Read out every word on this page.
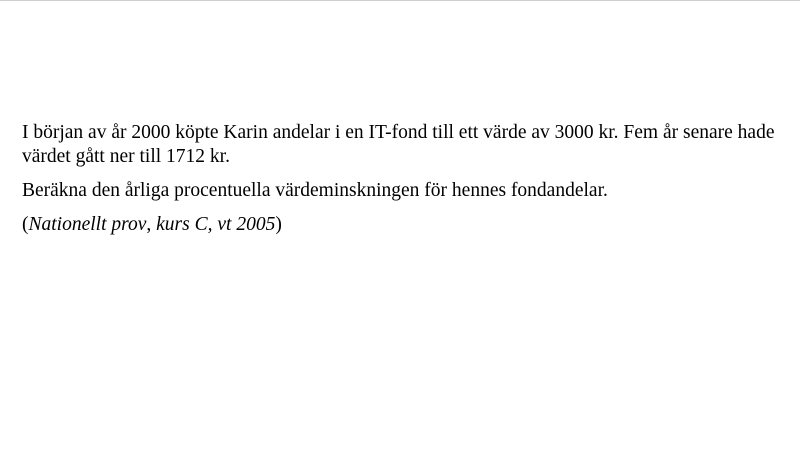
I början av år 2000 köpte Karin andelar i en IT-fond till ett värde av 3000 kr. Fem år senare hade värdet gått ner till 1712 kr.

Beräkna den årliga procentuella värdeminskningen för hennes fondandelar.

(Nationellt prov, kurs C, vt 2005)
